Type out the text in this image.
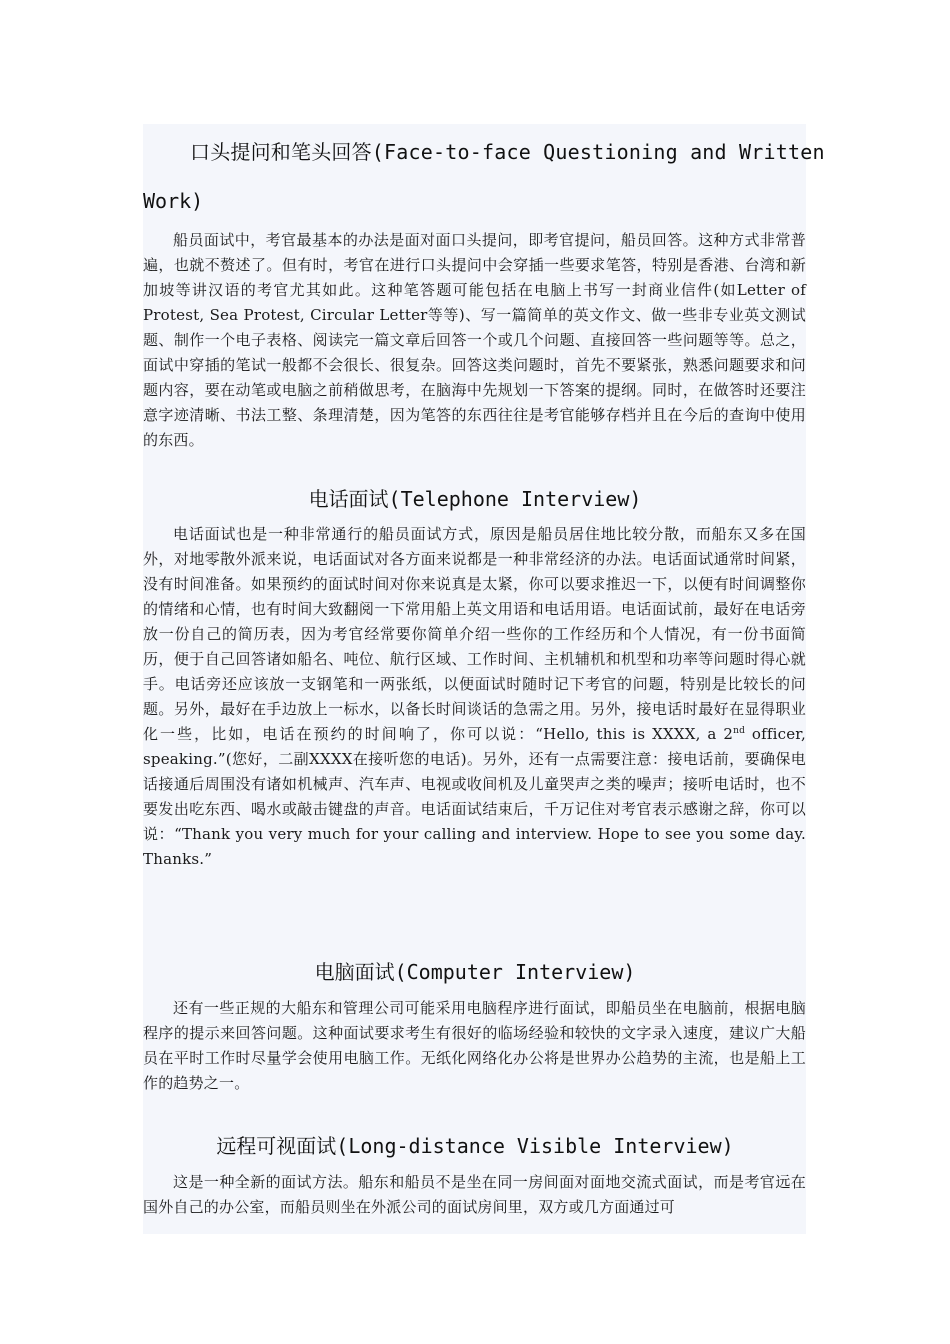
口头提问和笔头回答(Face-to-face Questioning and Written
Work)

船员面试中，考官最基本的办法是面对面口头提问，即考官提问，船员回答。这种方式非常普遍，也就不赘述了。但有时，考官在进行口头提问中会穿插一些要求笔答，特别是香港、台湾和新加坡等讲汉语的考官尤其如此。这种笔答题可能包括在电脑上书写一封商业信件(如Letter of Protest, Sea Protest, Circular Letter等等)、写一篇简单的英文作文、做一些非专业英文测试题、制作一个电子表格、阅读完一篇文章后回答一个或几个问题、直接回答一些问题等等。总之，面试中穿插的笔试一般都不会很长、很复杂。回答这类问题时，首先不要紧张，熟悉问题要求和问题内容，要在动笔或电脑之前稍做思考，在脑海中先规划一下答案的提纲。同时，在做答时还要注意字迹清晰、书法工整、条理清楚，因为笔答的东西往往是考官能够存档并且在今后的查询中使用的东西。

电话面试(Telephone Interview)

电话面试也是一种非常通行的船员面试方式，原因是船员居住地比较分散，而船东又多在国外，对地零散外派来说，电话面试对各方面来说都是一种非常经济的办法。电话面试通常时间紧，没有时间准备。如果预约的面试时间对你来说真是太紧，你可以要求推迟一下，以便有时间调整你的情绪和心情，也有时间大致翻阅一下常用船上英文用语和电话用语。电话面试前，最好在电话旁放一份自己的简历表，因为考官经常要你简单介绍一些你的工作经历和个人情况，有一份书面简历，便于自己回答诸如船名、吨位、航行区域、工作时间、主机辅机和机型和功率等问题时得心就手。电话旁还应该放一支钢笔和一两张纸，以便面试时随时记下考官的问题，特别是比较长的问题。另外，最好在手边放上一标水，以备长时间谈话的急需之用。另外，接电话时最好在显得职业化一些，比如，电话在预约的时间响了，你可以说：“Hello, this is XXXX, a 2nd officer, speaking.”(您好，二副XXXX在接听您的电话)。另外，还有一点需要注意：接电话前，要确保电话接通后周围没有诸如机械声、汽车声、电视或收间机及儿童哭声之类的噪声；接听电话时，也不要发出吃东西、喝水或敲击键盘的声音。电话面试结束后，千万记住对考官表示感谢之辞，你可以说：“Thank you very much for your calling and interview. Hope to see you some day. Thanks.”

电脑面试(Computer Interview)

还有一些正规的大船东和管理公司可能采用电脑程序进行面试，即船员坐在电脑前，根据电脑程序的提示来回答问题。这种面试要求考生有很好的临场经验和较快的文字录入速度，建议广大船员在平时工作时尽量学会使用电脑工作。无纸化网络化办公将是世界办公趋势的主流，也是船上工作的趋势之一。

远程可视面试(Long-distance Visible Interview)

这是一种全新的面试方法。船东和船员不是坐在同一房间面对面地交流式面试，而是考官远在国外自己的办公室，而船员则坐在外派公司的面试房间里，双方或几方面通过可
